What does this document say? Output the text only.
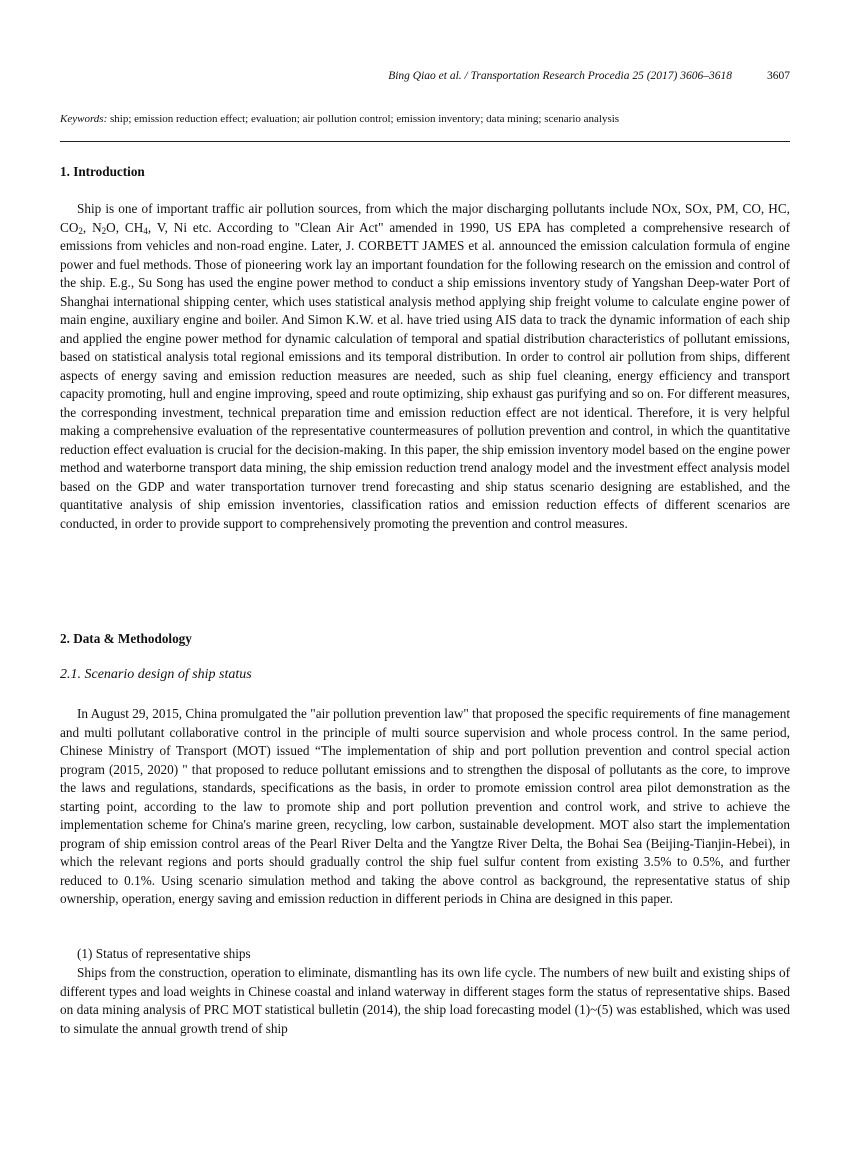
Bing Qiao et al. / Transportation Research Procedia 25 (2017) 3606–3618	3607
Keywords: ship; emission reduction effect; evaluation; air pollution control; emission inventory; data mining; scenario analysis
1. Introduction
Ship is one of important traffic air pollution sources, from which the major discharging pollutants include NOx, SOx, PM, CO, HC, $CO_2$, $N_2O$, $CH_4$, V, Ni etc. According to "Clean Air Act" amended in 1990, US EPA has completed a comprehensive research of emissions from vehicles and non-road engine. Later, J. CORBETT JAMES et al. announced the emission calculation formula of engine power and fuel methods. Those of pioneering work lay an important foundation for the following research on the emission and control of the ship. E.g., Su Song has used the engine power method to conduct a ship emissions inventory study of Yangshan Deep-water Port of Shanghai international shipping center, which uses statistical analysis method applying ship freight volume to calculate engine power of main engine, auxiliary engine and boiler. And Simon K.W. et al. have tried using AIS data to track the dynamic information of each ship and applied the engine power method for dynamic calculation of temporal and spatial distribution characteristics of pollutant emissions, based on statistical analysis total regional emissions and its temporal distribution. In order to control air pollution from ships, different aspects of energy saving and emission reduction measures are needed, such as ship fuel cleaning, energy efficiency and transport capacity promoting, hull and engine improving, speed and route optimizing, ship exhaust gas purifying and so on. For different measures, the corresponding investment, technical preparation time and emission reduction effect are not identical. Therefore, it is very helpful making a comprehensive evaluation of the representative countermeasures of pollution prevention and control, in which the quantitative reduction effect evaluation is crucial for the decision-making. In this paper, the ship emission inventory model based on the engine power method and waterborne transport data mining, the ship emission reduction trend analogy model and the investment effect analysis model based on the GDP and water transportation turnover trend forecasting and ship status scenario designing are established, and the quantitative analysis of ship emission inventories, classification ratios and emission reduction effects of different scenarios are conducted, in order to provide support to comprehensively promoting the prevention and control measures.
2. Data & Methodology
2.1. Scenario design of ship status
In August 29, 2015, China promulgated the "air pollution prevention law" that proposed the specific requirements of fine management and multi pollutant collaborative control in the principle of multi source supervision and whole process control. In the same period, Chinese Ministry of Transport (MOT) issued “The implementation of ship and port pollution prevention and control special action program (2015, 2020) " that proposed to reduce pollutant emissions and to strengthen the disposal of pollutants as the core, to improve the laws and regulations, standards, specifications as the basis, in order to promote emission control area pilot demonstration as the starting point, according to the law to promote ship and port pollution prevention and control work, and strive to achieve the implementation scheme for China's marine green, recycling, low carbon, sustainable development. MOT also start the implementation program of ship emission control areas of the Pearl River Delta and the Yangtze River Delta, the Bohai Sea (Beijing-Tianjin-Hebei), in which the relevant regions and ports should gradually control the ship fuel sulfur content from existing 3.5% to 0.5%, and further reduced to 0.1%. Using scenario simulation method and taking the above control as background, the representative status of ship ownership, operation, energy saving and emission reduction in different periods in China are designed in this paper.
(1) Status of representative ships
Ships from the construction, operation to eliminate, dismantling has its own life cycle. The numbers of new built and existing ships of different types and load weights in Chinese coastal and inland waterway in different stages form the status of representative ships. Based on data mining analysis of PRC MOT statistical bulletin (2014), the ship load forecasting model (1)~(5) was established, which was used to simulate the annual growth trend of ship
